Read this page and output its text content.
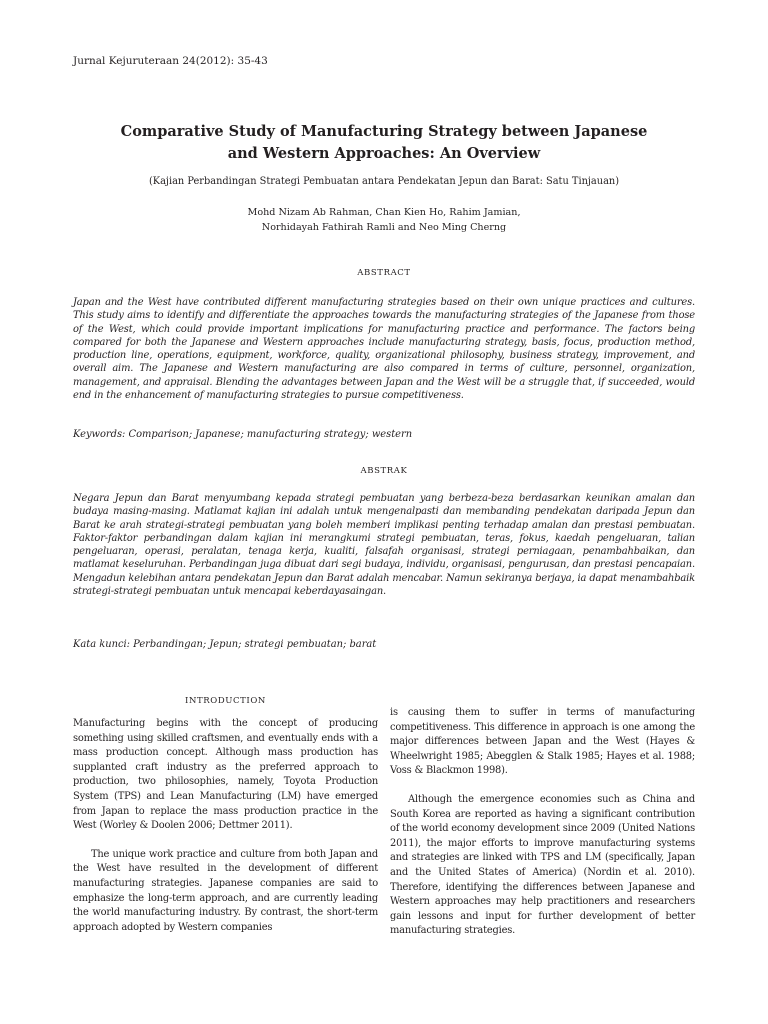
Jurnal Kejuruteraan 24(2012): 35-43
Comparative Study of Manufacturing Strategy between Japanese
and Western Approaches: An Overview
(Kajian Perbandingan Strategi Pembuatan antara Pendekatan Jepun dan Barat: Satu Tinjauan)
Mohd Nizam Ab Rahman, Chan Kien Ho, Rahim Jamian,
Norhidayah Fathirah Ramli and Neo Ming Cherng
ABSTRACT
Japan and the West have contributed different manufacturing strategies based on their own unique practices and cultures. This study aims to identify and differentiate the approaches towards the manufacturing strategies of the Japanese from those of the West, which could provide important implications for manufacturing practice and performance. The factors being compared for both the Japanese and Western approaches include manufacturing strategy, basis, focus, production method, production line, operations, equipment, workforce, quality, organizational philosophy, business strategy, improvement, and overall aim. The Japanese and Western manufacturing are also compared in terms of culture, personnel, organization, management, and appraisal. Blending the advantages between Japan and the West will be a struggle that, if succeeded, would end in the enhancement of manufacturing strategies to pursue competitiveness.
Keywords: Comparison; Japanese; manufacturing strategy; western
ABSTRAK
Negara Jepun dan Barat menyumbang kepada strategi pembuatan yang berbeza-beza berdasarkan keunikan amalan dan budaya masing-masing. Matlamat kajian ini adalah untuk mengenalpasti dan membanding pendekatan daripada Jepun dan Barat ke arah strategi-strategi pembuatan yang boleh memberi implikasi penting terhadap amalan dan prestasi pembuatan. Faktor-faktor perbandingan dalam kajian ini merangkumi strategi pembuatan, teras, fokus, kaedah pengeluaran, talian pengeluaran, operasi, peralatan, tenaga kerja, kualiti, falsafah organisasi, strategi perniagaan, penambahbaikan, dan matlamat keseluruhan. Perbandingan juga dibuat dari segi budaya, individu, organisasi, pengurusan, dan prestasi pencapaian. Mengadun kelebihan antara pendekatan Jepun dan Barat adalah mencabar. Namun sekiranya berjaya, ia dapat menambahbaik strategi-strategi pembuatan untuk mencapai keberdayasaingan.
Kata kunci: Perbandingan; Jepun; strategi pembuatan; barat
INTRODUCTION

Manufacturing begins with the concept of producing something using skilled craftsmen, and eventually ends with a mass production concept. Although mass production has supplanted craft industry as the preferred approach to production, two philosophies, namely, Toyota Production System (TPS) and Lean Manufacturing (LM) have emerged from Japan to replace the mass production practice in the West (Worley & Doolen 2006; Dettmer 2011).

The unique work practice and culture from both Japan and the West have resulted in the development of different manufacturing strategies. Japanese companies are said to emphasize the long-term approach, and are currently leading the world manufacturing industry. By contrast, the short-term approach adopted by Western companies

is causing them to suffer in terms of manufacturing competitiveness. This difference in approach is one among the major differences between Japan and the West (Hayes & Wheelwright 1985; Abegglen & Stalk 1985; Hayes et al. 1988; Voss & Blackmon 1998).

Although the emergence economies such as China and South Korea are reported as having a significant contribution of the world economy development since 2009 (United Nations 2011), the major efforts to improve manufacturing systems and strategies are linked with TPS and LM (specifically, Japan and the United States of America) (Nordin et al. 2010). Therefore, identifying the differences between Japanese and Western approaches may help practitioners and researchers gain lessons and input for further development of better manufacturing strategies.
